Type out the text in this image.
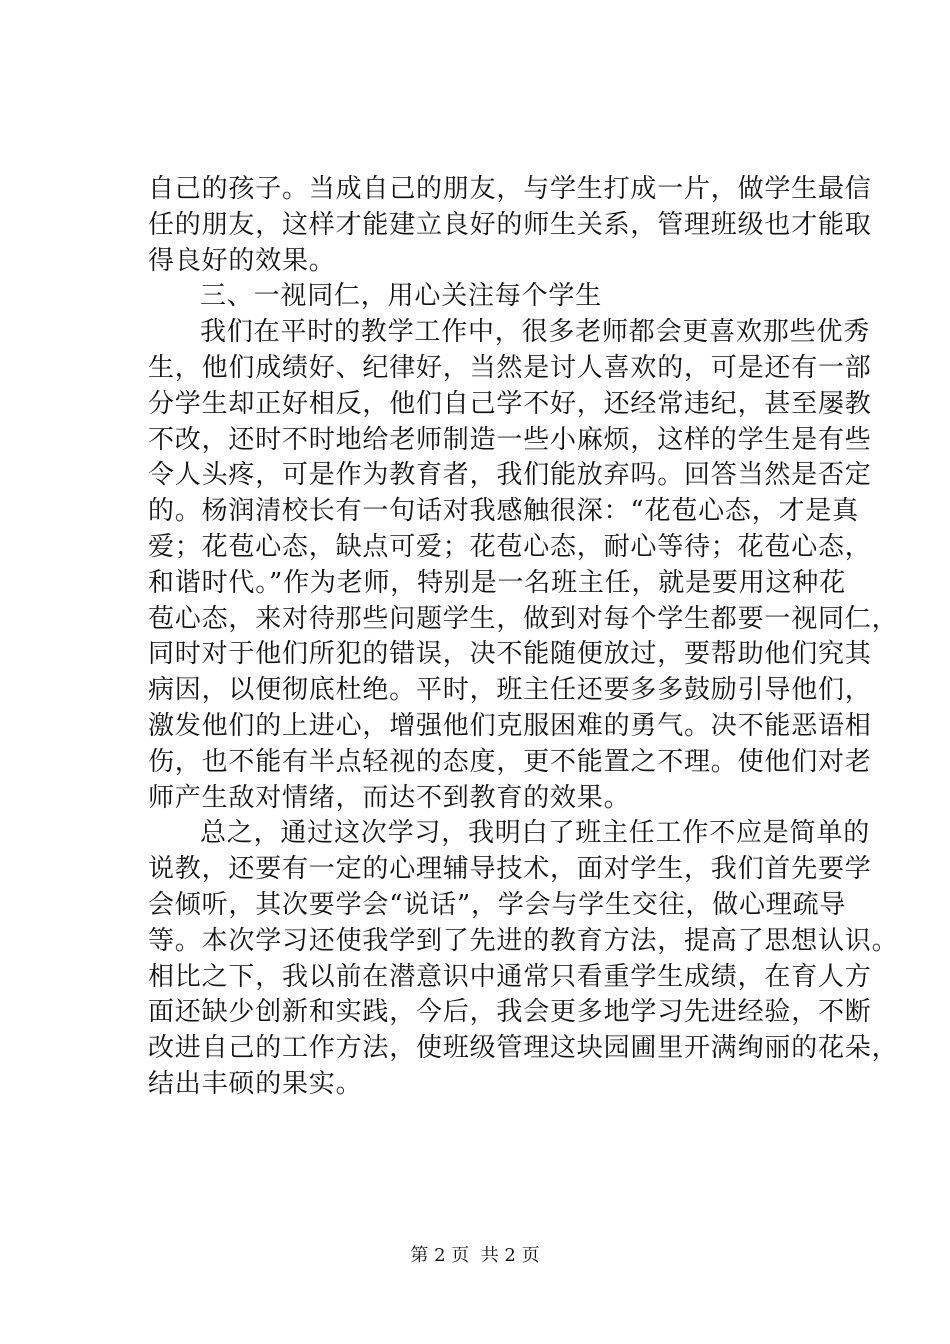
自己的孩子。当成自己的朋友，与学生打成一片，做学生最信
任的朋友，这样才能建立良好的师生关系，管理班级也才能取
得良好的效果。
三、一视同仁，用心关注每个学生
我们在平时的教学工作中，很多老师都会更喜欢那些优秀
生，他们成绩好、纪律好，当然是讨人喜欢的，可是还有一部
分学生却正好相反，他们自己学不好，还经常违纪，甚至屡教
不改，还时不时地给老师制造一些小麻烦，这样的学生是有些
令人头疼，可是作为教育者，我们能放弃吗。回答当然是否定
的。杨润清校长有一句话对我感触很深：“花苞心态，才是真
爱；花苞心态，缺点可爱；花苞心态，耐心等待；花苞心态，
和谐时代。”作为老师，特别是一名班主任，就是要用这种花
苞心态，来对待那些问题学生，做到对每个学生都要一视同仁，
同时对于他们所犯的错误，决不能随便放过，要帮助他们究其
病因，以便彻底杜绝。平时，班主任还要多多鼓励引导他们，
激发他们的上进心，增强他们克服困难的勇气。决不能恶语相
伤，也不能有半点轻视的态度，更不能置之不理。使他们对老
师产生敌对情绪，而达不到教育的效果。
总之，通过这次学习，我明白了班主任工作不应是简单的
说教，还要有一定的心理辅导技术，面对学生，我们首先要学
会倾听，其次要学会“说话”，学会与学生交往，做心理疏导
等。本次学习还使我学到了先进的教育方法，提高了思想认识。
相比之下，我以前在潜意识中通常只看重学生成绩，在育人方
面还缺少创新和实践，今后，我会更多地学习先进经验，不断
改进自己的工作方法，使班级管理这块园圃里开满绚丽的花朵，
结出丰硕的果实。
第 2 页  共 2 页
